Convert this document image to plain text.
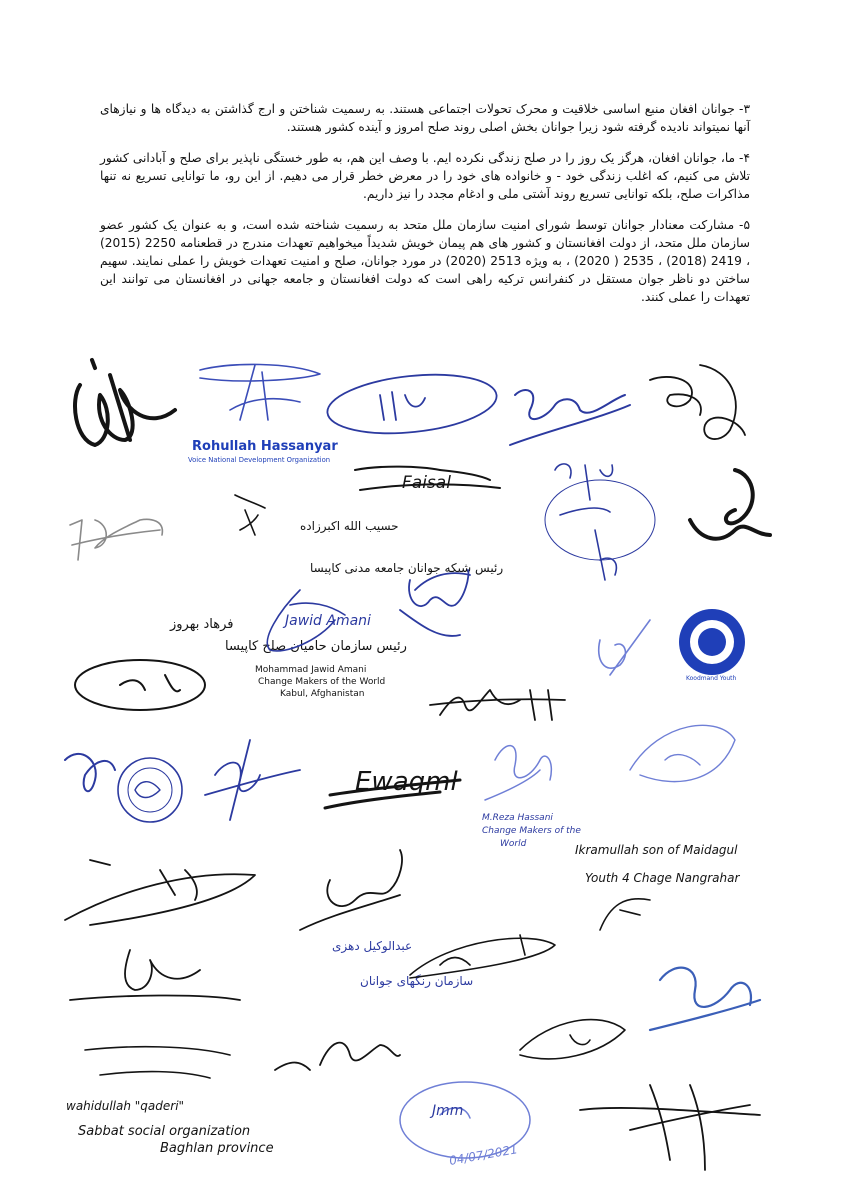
۳- جوانان افغان منبع اساسی خلاقیت و محرک تحولات اجتماعی هستند. به رسمیت شناختن و ارج گذاشتن به دیدگاه ها و نیازهای آنها نمیتواند نادیده گرفته شود زیرا جوانان بخش اصلی روند صلح امروز و آینده کشور هستند.

۴- ما، جوانان افغان، هرگز یک روز را در صلح زندگی نکرده ایم. با وصف این هم، به طور خستگی ناپذیر برای صلح و آبادانی کشور تلاش می کنیم، که اغلب زندگی خود - و خانواده های خود را در معرض خطر قرار می دهیم. از این رو، ما توانایی تسریع نه تنها مذاکرات صلح، بلکه توانایی تسریع روند آشتی ملی و ادغام مجدد را نیز داریم.

۵- مشارکت معنادار جوانان توسط شورای امنیت سازمان ملل متحد به رسمیت شناخته شده است، و به عنوان یک کشور عضو سازمان ملل متحد، از دولت افغانستان و کشور های هم پیمان خویش شدیداً میخواهیم تعهدات مندرج در قطعنامه 2250 (2015) ، 2419 (2018) ، 2535 ( 2020) ، به ویژه 2513 (2020) در مورد جوانان، صلح و امنیت تعهدات خویش را عملی نمایند. سهیم ساختن دو ناظر جوان مستقل در کنفرانس ترکیه راهی است که دولت افغانستان و جامعه جهانی در افغانستان می توانند این تعهدات را عملی کنند.

Rohullah Hassanyar
Voice National Development Organization
Faisal
حسیب الله اکبرزاده
رئیس شبکه جوانان جامعه مدنی کاپیسا
فرهاد بهروز
رئیس سازمان حامیان صلح کاپیسا
Jawid Amani
Mohammad Jawid Amani
Change Makers of the World
Kabul, Afghanistan
Koodmand Youth
Ewaqml
M.Reza Hassani
Change Makers of the
World	Ikramullah son of Maidagul
Youth 4 Chage Nangrahar
عبدالوکیل دهزی
سازمان رنگهای جوانان
wahidullah "qaderi"
Sabbat social organization
Baghlan province
Jmm
04/07/2021
